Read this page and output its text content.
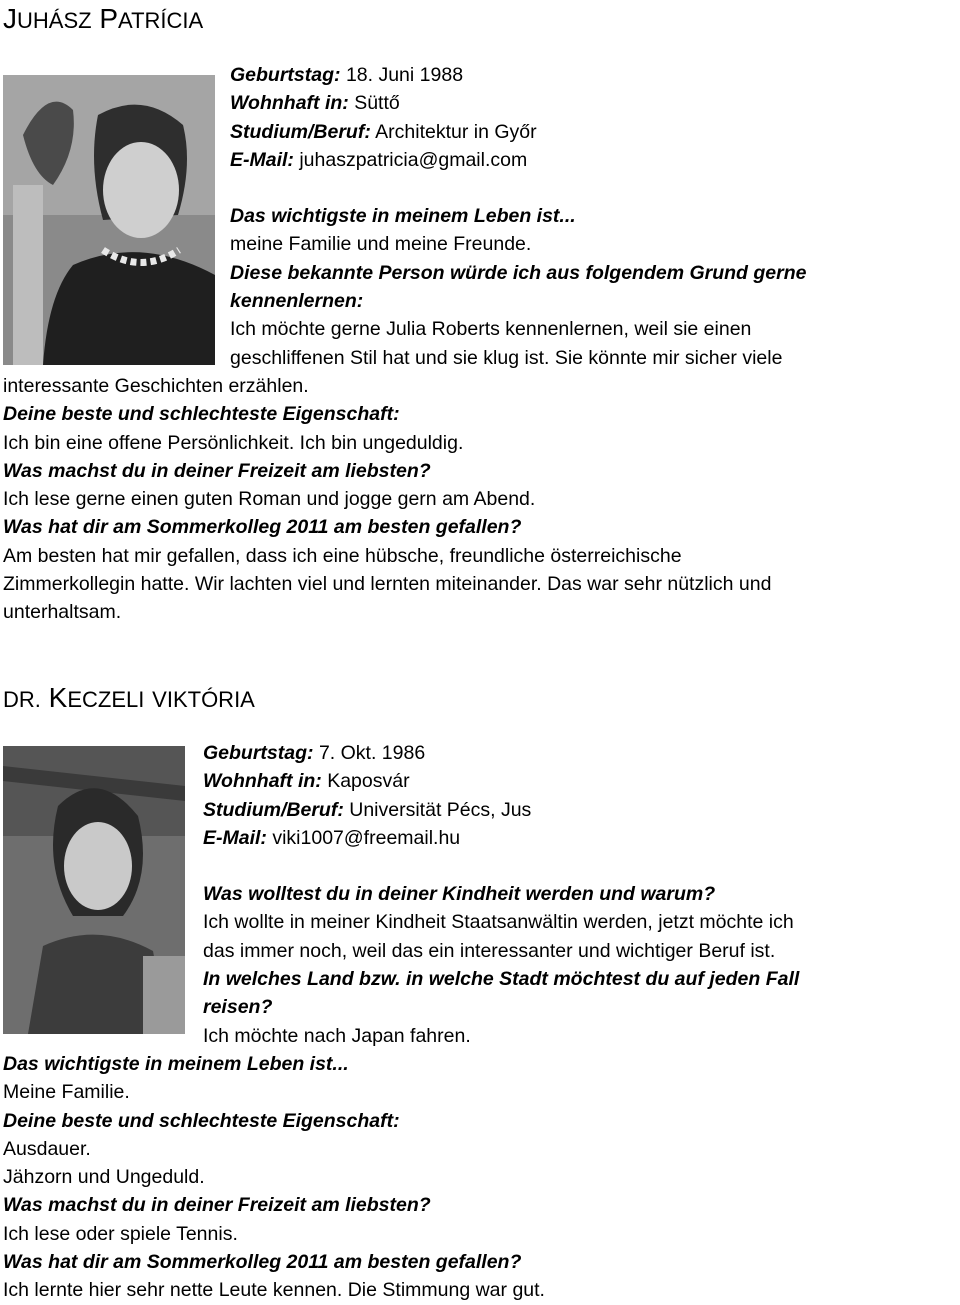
JUHÁSZ PATRÍCIA
Geburtstag: 18. Juni 1988
Wohnhaft in: Süttő
Studium/Beruf: Architektur in Győr
E-Mail: juhaszpatricia@gmail.com
Das wichtigste in meinem Leben ist...
meine Familie und meine Freunde.
Diese bekannte Person würde ich aus folgendem Grund gerne
kennenlernen:
Ich möchte gerne Julia Roberts kennenlernen, weil sie einen
geschliffenen Stil hat und sie klug ist. Sie könnte mir sicher viele
interessante Geschichten erzählen.
Deine beste und schlechteste Eigenschaft:
Ich bin eine offene Persönlichkeit. Ich bin ungeduldig.
Was machst du in deiner Freizeit am liebsten?
Ich lese gerne einen guten Roman und jogge gern am Abend.
Was hat dir am Sommerkolleg 2011 am besten gefallen?
Am besten hat mir gefallen, dass ich eine hübsche, freundliche österreichische
Zimmerkollegin hatte. Wir lachten viel und lernten miteinander. Das war sehr nützlich und
unterhaltsam.
DR. KECZELI VIKTÓRIA
Geburtstag: 7. Okt. 1986
Wohnhaft in: Kaposvár
Studium/Beruf: Universität Pécs, Jus
E-Mail: viki1007@freemail.hu
Was wolltest du in deiner Kindheit werden und warum?
Ich wollte in meiner Kindheit Staatsanwältin werden, jetzt möchte ich
das immer noch, weil das ein interessanter und wichtiger Beruf ist.
In welches Land bzw. in welche Stadt möchtest du auf jeden Fall
reisen?
Ich möchte nach Japan fahren.
Das wichtigste in meinem Leben ist...
Meine Familie.
Deine beste und schlechteste Eigenschaft:
Ausdauer.
Jähzorn und Ungeduld.
Was machst du in deiner Freizeit am liebsten?
Ich lese oder spiele Tennis.
Was hat dir am Sommerkolleg 2011 am besten gefallen?
Ich lernte hier sehr nette Leute kennen. Die Stimmung war gut.
